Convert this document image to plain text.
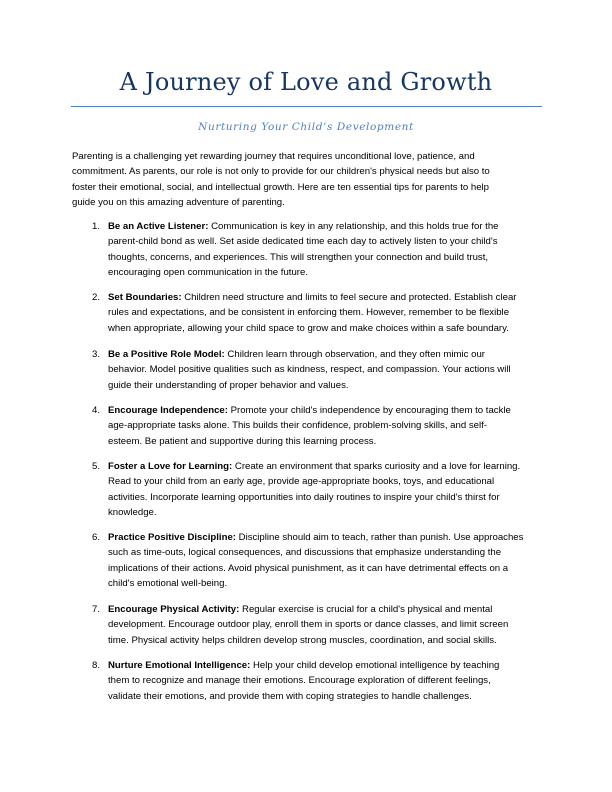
A Journey of Love and Growth
Nurturing Your Child’s Development
Parenting is a challenging yet rewarding journey that requires unconditional love, patience, and
commitment. As parents, our role is not only to provide for our children's physical needs but also to
foster their emotional, social, and intellectual growth. Here are ten essential tips for parents to help
guide you on this amazing adventure of parenting.
1. Be an Active Listener: Communication is key in any relationship, and this holds true for the
parent-child bond as well. Set aside dedicated time each day to actively listen to your child's
thoughts, concerns, and experiences. This will strengthen your connection and build trust,
encouraging open communication in the future.
2. Set Boundaries: Children need structure and limits to feel secure and protected. Establish clear
rules and expectations, and be consistent in enforcing them. However, remember to be flexible
when appropriate, allowing your child space to grow and make choices within a safe boundary.
3. Be a Positive Role Model: Children learn through observation, and they often mimic our
behavior. Model positive qualities such as kindness, respect, and compassion. Your actions will
guide their understanding of proper behavior and values.
4. Encourage Independence: Promote your child's independence by encouraging them to tackle
age-appropriate tasks alone. This builds their confidence, problem-solving skills, and self-
esteem. Be patient and supportive during this learning process.
5. Foster a Love for Learning: Create an environment that sparks curiosity and a love for learning.
Read to your child from an early age, provide age-appropriate books, toys, and educational
activities. Incorporate learning opportunities into daily routines to inspire your child's thirst for
knowledge.
6. Practice Positive Discipline: Discipline should aim to teach, rather than punish. Use approaches
such as time-outs, logical consequences, and discussions that emphasize understanding the
implications of their actions. Avoid physical punishment, as it can have detrimental effects on a
child's emotional well-being.
7. Encourage Physical Activity: Regular exercise is crucial for a child's physical and mental
development. Encourage outdoor play, enroll them in sports or dance classes, and limit screen
time. Physical activity helps children develop strong muscles, coordination, and social skills.
8. Nurture Emotional Intelligence: Help your child develop emotional intelligence by teaching
them to recognize and manage their emotions. Encourage exploration of different feelings,
validate their emotions, and provide them with coping strategies to handle challenges.
